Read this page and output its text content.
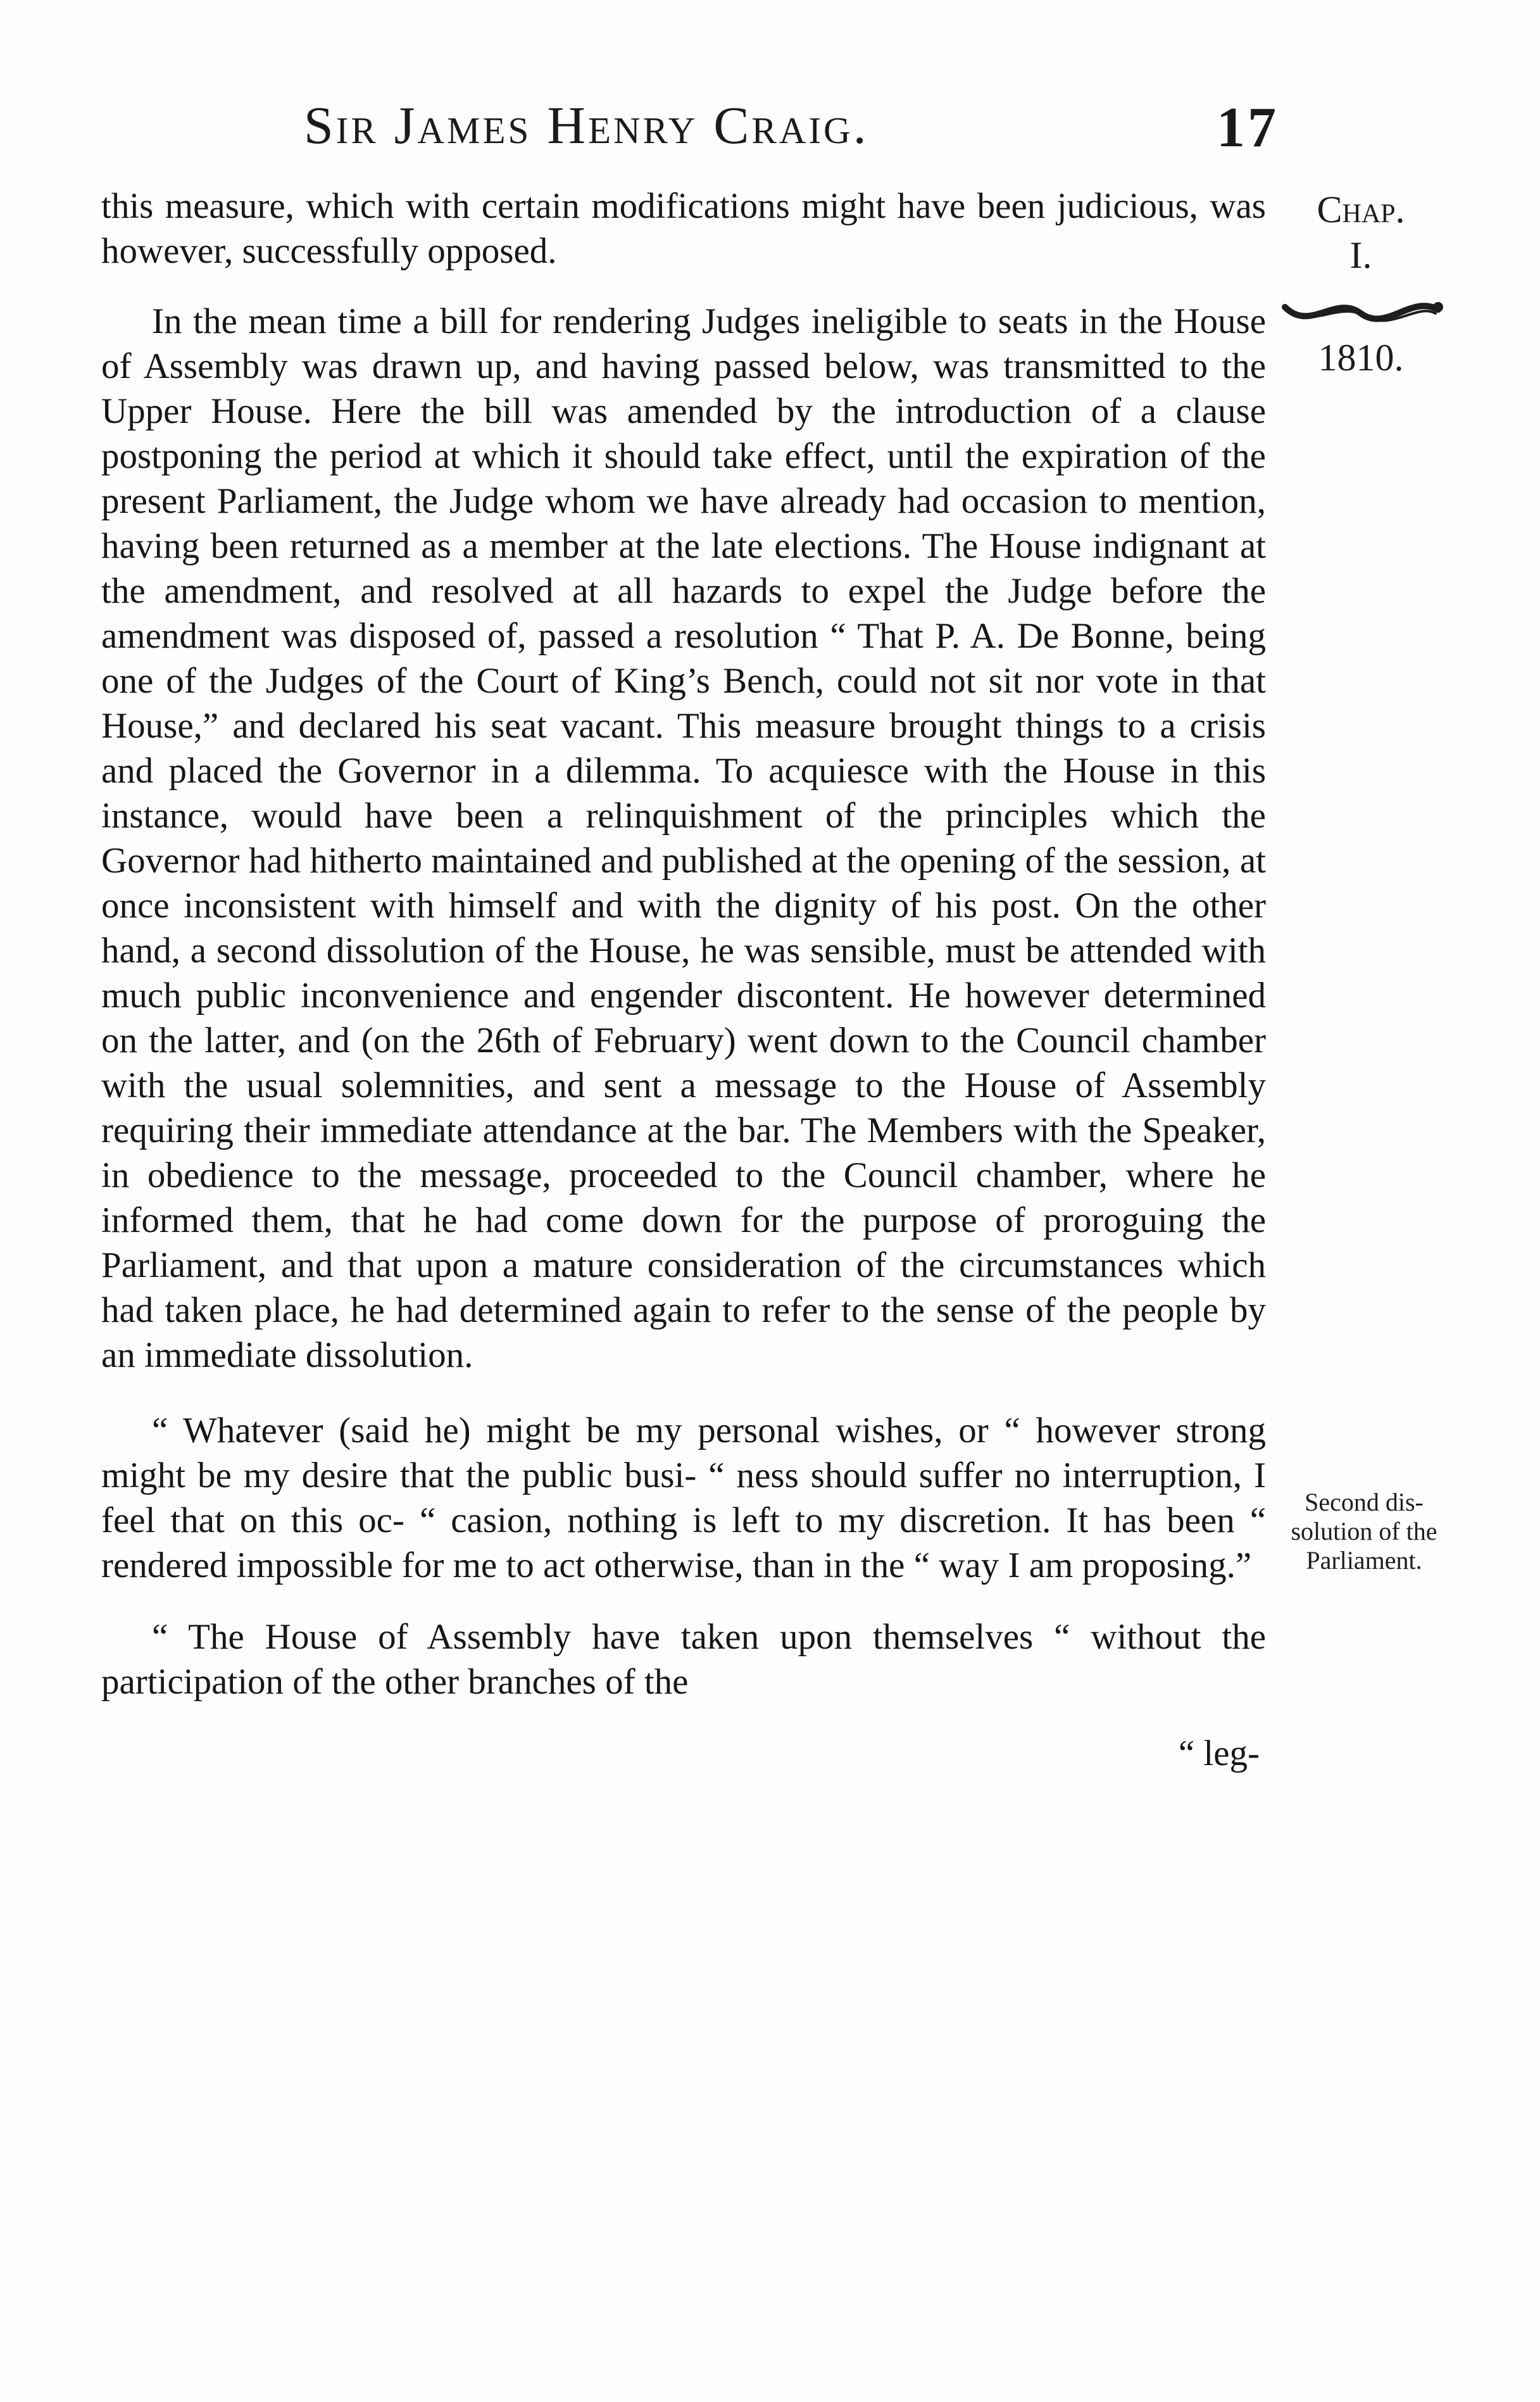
Sir James Henry Craig.	17
Chap.
I.
1810.
Second dis-
solution of the
Parliament.

this measure, which with certain modifications might have been judicious, was however, successfully opposed.

In the mean time a bill for rendering Judges ineligible to seats in the House of Assembly was drawn up, and having passed below, was transmitted to the Upper House. Here the bill was amended by the introduction of a clause postponing the period at which it should take effect, until the expiration of the present Parliament, the Judge whom we have already had occasion to mention, having been returned as a member at the late elections. The House indignant at the amendment, and resolved at all hazards to expel the Judge before the amendment was disposed of, passed a resolution “ That P. A. De Bonne, being one of the Judges of the Court of King’s Bench, could not sit nor vote in that House,” and declared his seat vacant. This measure brought things to a crisis and placed the Governor in a dilemma. To acquiesce with the House in this instance, would have been a relinquishment of the principles which the Governor had hitherto maintained and published at the opening of the session, at once inconsistent with himself and with the dignity of his post. On the other hand, a second dissolution of the House, he was sensible, must be attended with much public inconvenience and engender discontent. He however determined on the latter, and (on the 26th of February) went down to the Council chamber with the usual solemnities, and sent a message to the House of Assembly requiring their immediate attendance at the bar. The Members with the Speaker, in obedience to the message, proceeded to the Council chamber, where he informed them, that he had come down for the purpose of proroguing the Parliament, and that upon a mature consideration of the circumstances which had taken place, he had determined again to refer to the sense of the people by an immediate dissolution.

“ Whatever (said he) might be my personal wishes, or “ however strong might be my desire that the public busi- “ ness should suffer no interruption, I feel that on this oc- “ casion, nothing is left to my discretion. It has been “ rendered impossible for me to act otherwise, than in the “ way I am proposing.”

“ The House of Assembly have taken upon themselves “ without the participation of the other branches of the

“ leg-
